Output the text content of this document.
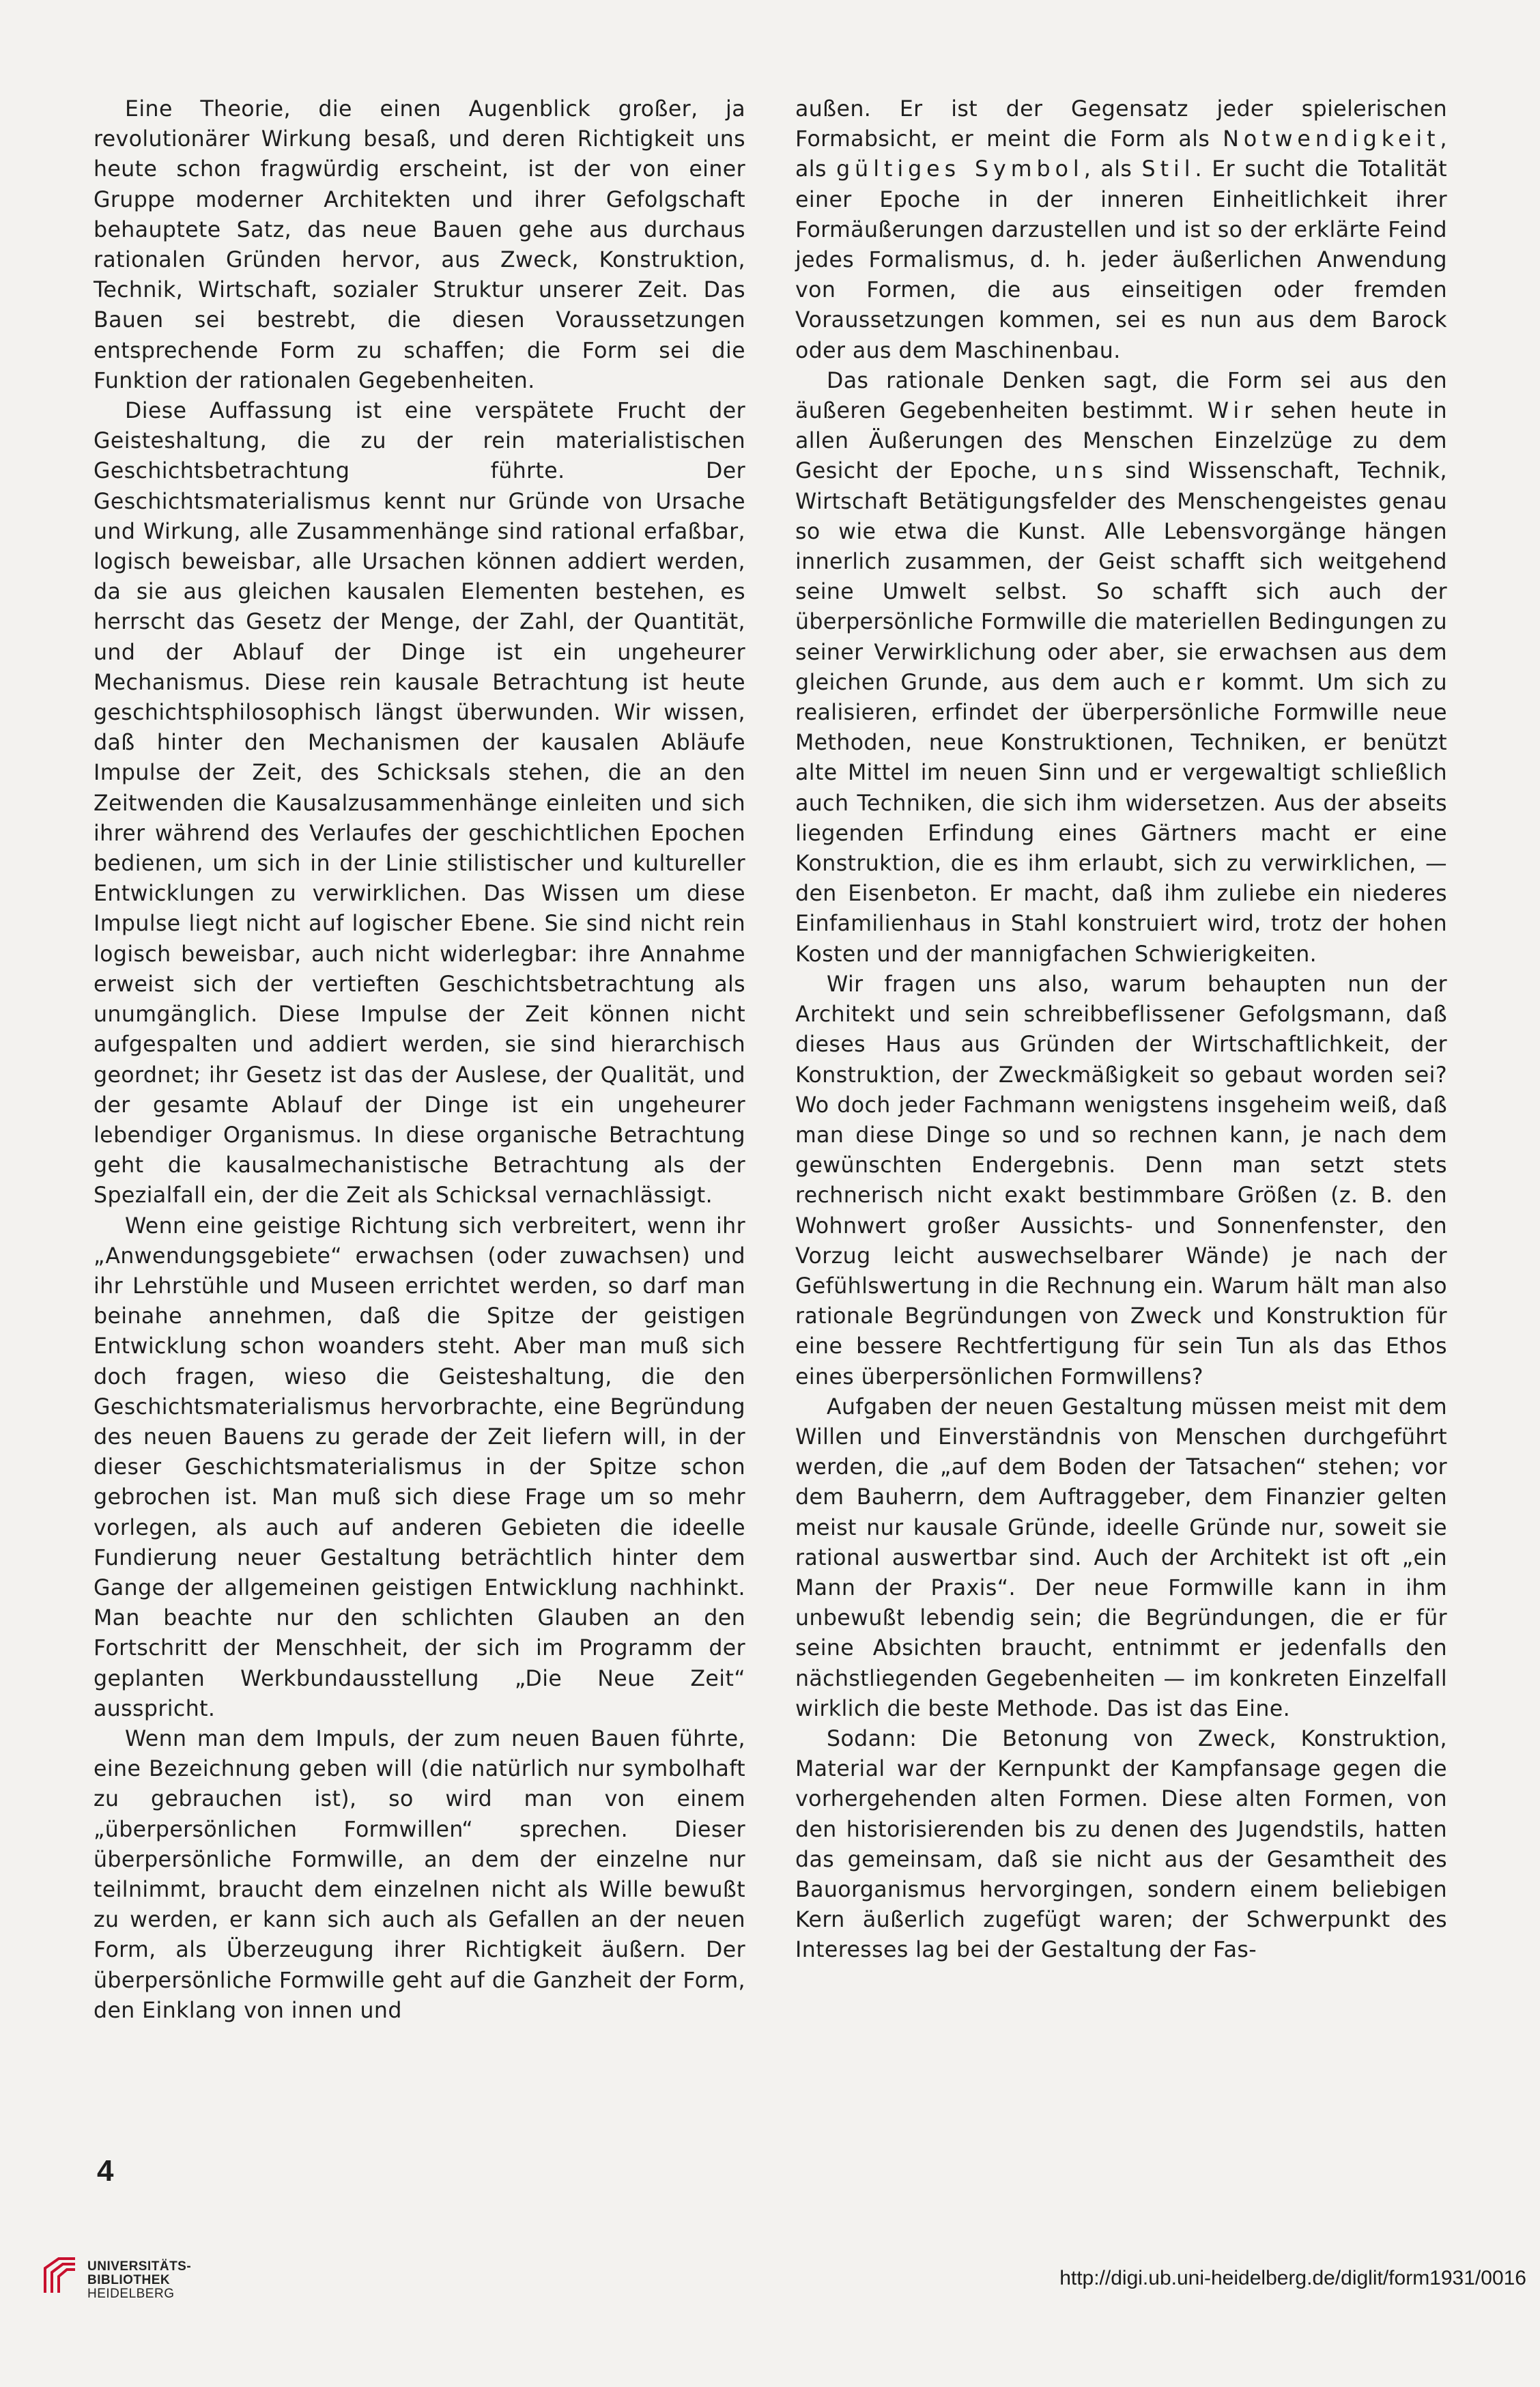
Eine Theorie, die einen Augenblick großer, ja revolutionärer Wirkung besaß, und deren Richtigkeit uns heute schon fragwürdig erscheint, ist der von einer Gruppe moderner Architekten und ihrer Gefolgschaft behauptete Satz, das neue Bauen gehe aus durchaus rationalen Gründen hervor, aus Zweck, Konstruktion, Technik, Wirtschaft, sozialer Struktur unserer Zeit. Das Bauen sei bestrebt, die diesen Voraussetzungen entsprechende Form zu schaffen; die Form sei die Funktion der rationalen Gegebenheiten.

Diese Auffassung ist eine verspätete Frucht der Geisteshaltung, die zu der rein materialistischen Geschichtsbetrachtung führte. Der Geschichtsmaterialismus kennt nur Gründe von Ursache und Wirkung, alle Zusammenhänge sind rational erfaßbar, logisch beweisbar, alle Ursachen können addiert werden, da sie aus gleichen kausalen Elementen bestehen, es herrscht das Gesetz der Menge, der Zahl, der Quantität, und der Ablauf der Dinge ist ein ungeheurer Mechanismus. Diese rein kausale Betrachtung ist heute geschichtsphilosophisch längst überwunden. Wir wissen, daß hinter den Mechanismen der kausalen Abläufe Impulse der Zeit, des Schicksals stehen, die an den Zeitwenden die Kausalzusammenhänge einleiten und sich ihrer während des Verlaufes der geschichtlichen Epochen bedienen, um sich in der Linie stilistischer und kultureller Entwicklungen zu verwirklichen. Das Wissen um diese Impulse liegt nicht auf logischer Ebene. Sie sind nicht rein logisch beweisbar, auch nicht widerlegbar: ihre Annahme erweist sich der vertieften Geschichtsbetrachtung als unumgänglich. Diese Impulse der Zeit können nicht aufgespalten und addiert werden, sie sind hierarchisch geordnet; ihr Gesetz ist das der Auslese, der Qualität, und der gesamte Ablauf der Dinge ist ein ungeheurer lebendiger Organismus. In diese organische Betrachtung geht die kausalmechanistische Betrachtung als der Spezialfall ein, der die Zeit als Schicksal vernachlässigt.

Wenn eine geistige Richtung sich verbreitert, wenn ihr „Anwendungsgebiete“ erwachsen (oder zuwachsen) und ihr Lehrstühle und Museen errichtet werden, so darf man beinahe annehmen, daß die Spitze der geistigen Entwicklung schon woanders steht. Aber man muß sich doch fragen, wieso die Geisteshaltung, die den Geschichtsmaterialismus hervorbrachte, eine Begründung des neuen Bauens zu gerade der Zeit liefern will, in der dieser Geschichtsmaterialismus in der Spitze schon gebrochen ist. Man muß sich diese Frage um so mehr vorlegen, als auch auf anderen Gebieten die ideelle Fundierung neuer Gestaltung beträchtlich hinter dem Gange der allgemeinen geistigen Entwicklung nachhinkt. Man beachte nur den schlichten Glauben an den Fortschritt der Menschheit, der sich im Programm der geplanten Werkbundausstellung „Die Neue Zeit“ ausspricht.

Wenn man dem Impuls, der zum neuen Bauen führte, eine Bezeichnung geben will (die natürlich nur symbolhaft zu gebrauchen ist), so wird man von einem „überpersönlichen Formwillen“ sprechen. Dieser überpersönliche Formwille, an dem der einzelne nur teilnimmt, braucht dem einzelnen nicht als Wille bewußt zu werden, er kann sich auch als Gefallen an der neuen Form, als Überzeugung ihrer Richtigkeit äußern. Der überpersönliche Formwille geht auf die Ganzheit der Form, den Einklang von innen und

außen. Er ist der Gegensatz jeder spielerischen Formabsicht, er meint die Form als Notwendigkeit, als gültiges Symbol, als Stil. Er sucht die Totalität einer Epoche in der inneren Einheitlichkeit ihrer Formäußerungen darzustellen und ist so der erklärte Feind jedes Formalismus, d. h. jeder äußerlichen Anwendung von Formen, die aus einseitigen oder fremden Voraussetzungen kommen, sei es nun aus dem Barock oder aus dem Maschinenbau.

Das rationale Denken sagt, die Form sei aus den äußeren Gegebenheiten bestimmt. Wir sehen heute in allen Äußerungen des Menschen Einzelzüge zu dem Gesicht der Epoche, uns sind Wissenschaft, Technik, Wirtschaft Betätigungsfelder des Menschengeistes genau so wie etwa die Kunst. Alle Lebensvorgänge hängen innerlich zusammen, der Geist schafft sich weitgehend seine Umwelt selbst. So schafft sich auch der überpersönliche Formwille die materiellen Bedingungen zu seiner Verwirklichung oder aber, sie erwachsen aus dem gleichen Grunde, aus dem auch er kommt. Um sich zu realisieren, erfindet der überpersönliche Formwille neue Methoden, neue Konstruktionen, Techniken, er benützt alte Mittel im neuen Sinn und er vergewaltigt schließlich auch Techniken, die sich ihm widersetzen. Aus der abseits liegenden Erfindung eines Gärtners macht er eine Konstruktion, die es ihm erlaubt, sich zu verwirklichen, — den Eisenbeton. Er macht, daß ihm zuliebe ein niederes Einfamilienhaus in Stahl konstruiert wird, trotz der hohen Kosten und der mannigfachen Schwierigkeiten.

Wir fragen uns also, warum behaupten nun der Architekt und sein schreibbeflissener Gefolgsmann, daß dieses Haus aus Gründen der Wirtschaftlichkeit, der Konstruktion, der Zweckmäßigkeit so gebaut worden sei? Wo doch jeder Fachmann wenigstens insgeheim weiß, daß man diese Dinge so und so rechnen kann, je nach dem gewünschten Endergebnis. Denn man setzt stets rechnerisch nicht exakt bestimmbare Größen (z. B. den Wohnwert großer Aussichts- und Sonnenfenster, den Vorzug leicht auswechselbarer Wände) je nach der Gefühlswertung in die Rechnung ein. Warum hält man also rationale Begründungen von Zweck und Konstruktion für eine bessere Rechtfertigung für sein Tun als das Ethos eines überpersönlichen Formwillens?

Aufgaben der neuen Gestaltung müssen meist mit dem Willen und Einverständnis von Menschen durchgeführt werden, die „auf dem Boden der Tatsachen“ stehen; vor dem Bauherrn, dem Auftraggeber, dem Finanzier gelten meist nur kausale Gründe, ideelle Gründe nur, soweit sie rational auswertbar sind. Auch der Architekt ist oft „ein Mann der Praxis“. Der neue Formwille kann in ihm unbewußt lebendig sein; die Begründungen, die er für seine Absichten braucht, entnimmt er jedenfalls den nächstliegenden Gegebenheiten — im konkreten Einzelfall wirklich die beste Methode. Das ist das Eine.

Sodann: Die Betonung von Zweck, Konstruktion, Material war der Kernpunkt der Kampfansage gegen die vorhergehenden alten Formen. Diese alten Formen, von den historisierenden bis zu denen des Jugendstils, hatten das gemeinsam, daß sie nicht aus der Gesamtheit des Bauorganismus hervorgingen, sondern einem beliebigen Kern äußerlich zugefügt waren; der Schwerpunkt des Interesses lag bei der Gestaltung der Fas-

4
UNIVERSITÄTS-
BIBLIOTHEK
HEIDELBERG
http://digi.ub.uni-heidelberg.de/diglit/form1931/0016
